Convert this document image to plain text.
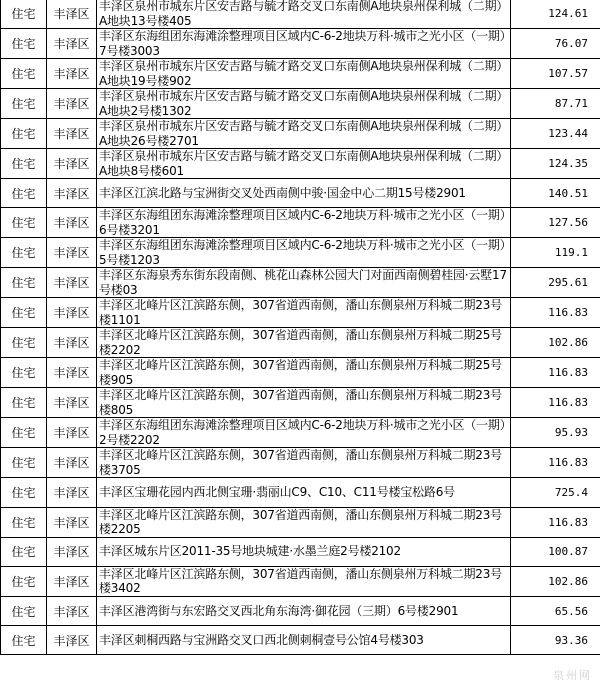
住宅	丰泽区	丰泽区泉州市城东片区安吉路与毓才路交叉口东南侧A地块泉州保利城（二期）A地块13号楼405	124.61
住宅	丰泽区	丰泽区东海组团东海滩涂整理项目区域内C-6-2地块万科·城市之光小区（一期）7号楼3003	76.07
住宅	丰泽区	丰泽区泉州市城东片区安吉路与毓才路交叉口东南侧A地块泉州保利城（二期）A地块19号楼902	107.57
住宅	丰泽区	丰泽区泉州市城东片区安吉路与毓才路交叉口东南侧A地块泉州保利城（二期）A地块2号楼1302	87.71
住宅	丰泽区	丰泽区泉州市城东片区安吉路与毓才路交叉口东南侧A地块泉州保利城（二期）A地块26号楼2701	123.44
住宅	丰泽区	丰泽区泉州市城东片区安吉路与毓才路交叉口东南侧A地块泉州保利城（二期）A地块8号楼601	124.35
住宅	丰泽区	丰泽区江滨北路与宝洲街交叉处西南侧中骏·国金中心二期15号楼2901	140.51
住宅	丰泽区	丰泽区东海组团东海滩涂整理项目区域内C-6-2地块万科·城市之光小区（一期）6号楼3201	127.56
住宅	丰泽区	丰泽区东海组团东海滩涂整理项目区域内C-6-2地块万科·城市之光小区（一期）5号楼1203	119.1
住宅	丰泽区	丰泽区东海泉秀东街东段南侧、桃花山森林公园大门对面西南侧碧桂园·云墅17号楼03	295.61
住宅	丰泽区	丰泽区北峰片区江滨路东侧，307省道西南侧，潘山东侧泉州万科城二期23号楼1101	116.83
住宅	丰泽区	丰泽区北峰片区江滨路东侧，307省道西南侧，潘山东侧泉州万科城二期25号楼2202	102.86
住宅	丰泽区	丰泽区北峰片区江滨路东侧，307省道西南侧，潘山东侧泉州万科城二期25号楼905	116.83
住宅	丰泽区	丰泽区北峰片区江滨路东侧，307省道西南侧，潘山东侧泉州万科城二期23号楼805	116.83
住宅	丰泽区	丰泽区东海组团东海滩涂整理项目区域内C-6-2地块万科·城市之光小区（一期）2号楼2202	95.93
住宅	丰泽区	丰泽区北峰片区江滨路东侧，307省道西南侧，潘山东侧泉州万科城二期23号楼3705	116.83
住宅	丰泽区	丰泽区宝珊花园内西北侧宝珊·翡丽山C9、C10、C11号楼宝松路6号	725.4
住宅	丰泽区	丰泽区北峰片区江滨路东侧，307省道西南侧，潘山东侧泉州万科城二期23号楼2205	116.83
住宅	丰泽区	丰泽区城东片区2011-35号地块城建·水墨兰庭2号楼2102	100.87
住宅	丰泽区	丰泽区北峰片区江滨路东侧，307省道西南侧，潘山东侧泉州万科城二期23号楼3402	102.86
住宅	丰泽区	丰泽区港湾街与东宏路交叉西北角东海湾·御花园（三期）6号楼2901	65.56
住宅	丰泽区	丰泽区刺桐西路与宝洲路交叉口西北侧刺桐壹号公馆4号楼303	93.36
泉州网
